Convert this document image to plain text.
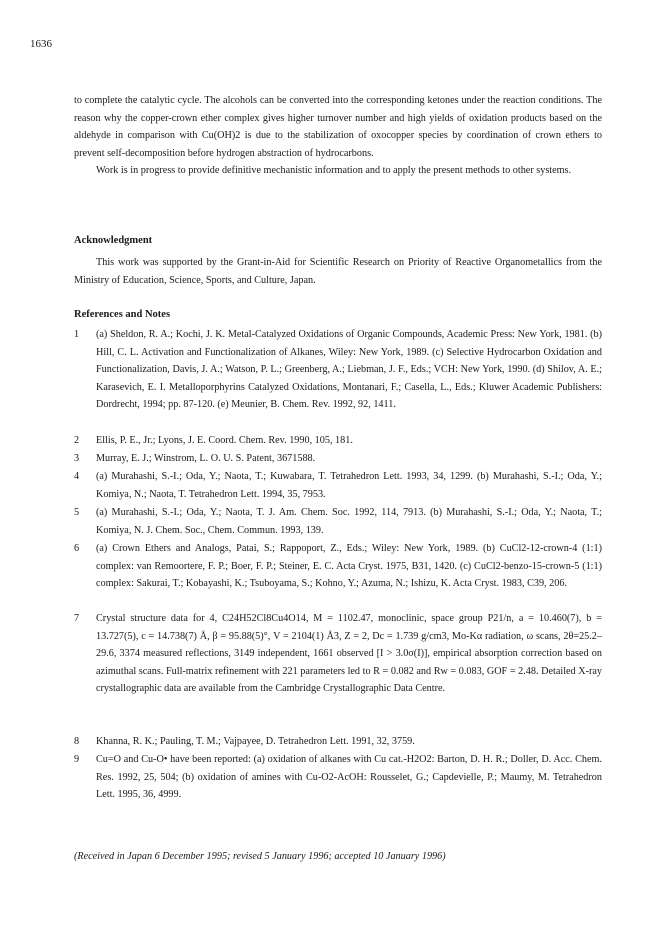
1636

to complete the catalytic cycle. The alcohols can be converted into the corresponding ketones under the reaction conditions. The reason why the copper-crown ether complex gives higher turnover number and high yields of oxidation products based on the aldehyde in comparison with Cu(OH)2 is due to the stabilization of oxocopper species by coordination of crown ethers to prevent self-decomposition before hydrogen abstraction of hydrocarbons.

Work is in progress to provide definitive mechanistic information and to apply the present methods to other systems.

Acknowledgment
This work was supported by the Grant-in-Aid for Scientific Research on Priority of Reactive Organometallics from the Ministry of Education, Science, Sports, and Culture, Japan.
References and Notes
1	(a) Sheldon, R. A.; Kochi, J. K. Metal-Catalyzed Oxidations of Organic Compounds, Academic Press: New York, 1981. (b) Hill, C. L. Activation and Functionalization of Alkanes, Wiley: New York, 1989. (c) Selective Hydrocarbon Oxidation and Functionalization, Davis, J. A.; Watson, P. L.; Greenberg, A.; Liebman, J. F., Eds.; VCH: New York, 1990. (d) Shilov, A. E.; Karasevich, E. I. Metalloporphyrins Catalyzed Oxidations, Montanari, F.; Casella, L., Eds.; Kluwer Academic Publishers: Dordrecht, 1994; pp. 87-120. (e) Meunier, B. Chem. Rev. 1992, 92, 1411.
2	Ellis, P. E., Jr.; Lyons, J. E. Coord. Chem. Rev. 1990, 105, 181.
3	Murray, E. J.; Winstrom, L. O. U. S. Patent, 3671588.
4	(a) Murahashi, S.-I.; Oda, Y.; Naota, T.; Kuwabara, T. Tetrahedron Lett. 1993, 34, 1299. (b) Murahashi, S.-I.; Oda, Y.; Komiya, N.; Naota, T. Tetrahedron Lett. 1994, 35, 7953.
5	(a) Murahashi, S.-I.; Oda, Y.; Naota, T. J. Am. Chem. Soc. 1992, 114, 7913. (b) Murahashi, S.-I.; Oda, Y.; Naota, T.; Komiya, N. J. Chem. Soc., Chem. Commun. 1993, 139.
6	(a) Crown Ethers and Analogs, Patai, S.; Rappoport, Z., Eds.; Wiley: New York, 1989. (b) CuCl2-12-crown-4 (1:1) complex: van Remoortere, F. P.; Boer, F. P.; Steiner, E. C. Acta Cryst. 1975, B31, 1420. (c) CuCl2-benzo-15-crown-5 (1:1) complex: Sakurai, T.; Kobayashi, K.; Tsuboyama, S.; Kohno, Y.; Azuma, N.; Ishizu, K. Acta Cryst. 1983, C39, 206.
7	Crystal structure data for 4, C24H52Cl8Cu4O14, M = 1102.47, monoclinic, space group P21/n, a = 10.460(7), b = 13.727(5), c = 14.738(7) Å, β = 95.88(5)°, V = 2104(1) Å3, Z = 2, Dc = 1.739 g/cm3, Mo-Kα radiation, ω scans, 2θ=25.2–29.6, 3374 measured reflections, 3149 independent, 1661 observed [I > 3.0σ(I)], empirical absorption correction based on azimuthal scans. Full-matrix refinement with 221 parameters led to R = 0.082 and Rw = 0.083, GOF = 2.48. Detailed X-ray crystallographic data are available from the Cambridge Crystallographic Data Centre.
8	Khanna, R. K.; Pauling, T. M.; Vajpayee, D. Tetrahedron Lett. 1991, 32, 3759.
9	Cu=O and Cu-O• have been reported: (a) oxidation of alkanes with Cu cat.-H2O2: Barton, D. H. R.; Doller, D. Acc. Chem. Res. 1992, 25, 504; (b) oxidation of amines with Cu-O2-AcOH: Rousselet, G.; Capdevielle, P.; Maumy, M. Tetrahedron Lett. 1995, 36, 4999.
(Received in Japan 6 December 1995; revised 5 January 1996; accepted 10 January 1996)
